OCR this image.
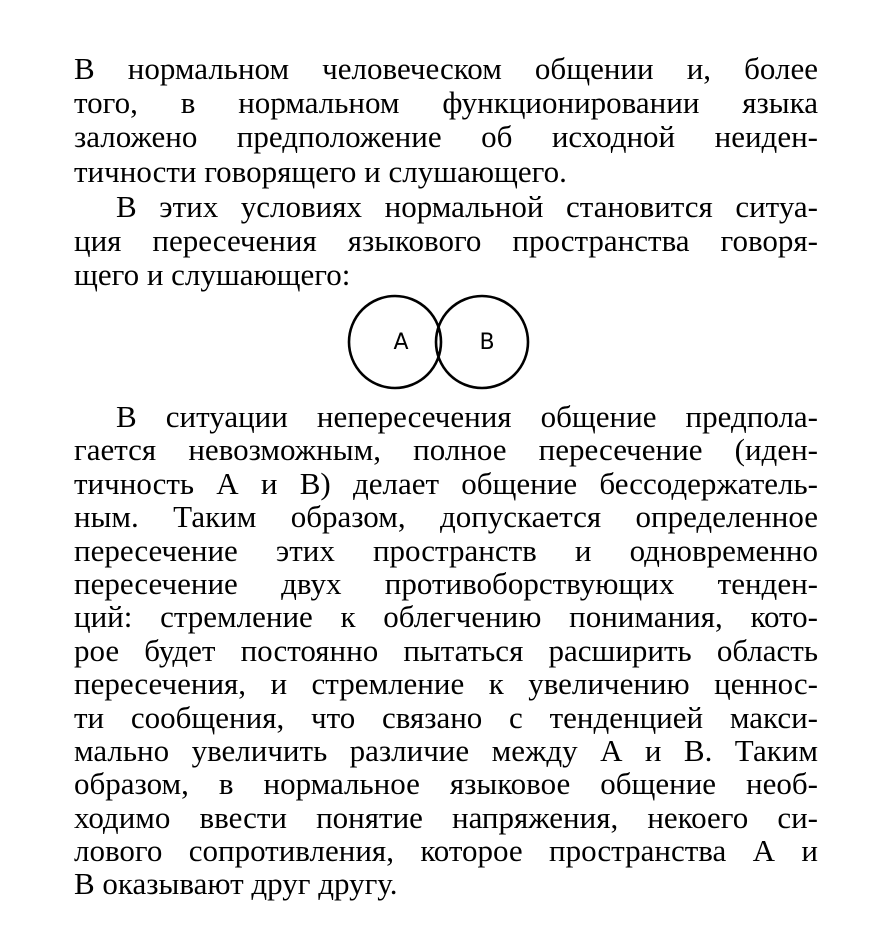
В нормальном человеческом общении и, более
того, в нормальном функционировании языка
заложено предположение об исходной неиден-
тичности говорящего и слушающего.
В этих условиях нормальной становится ситуа-
ция пересечения языкового пространства говоря-
щего и слушающего:
А	В
В ситуации непересечения общение предпола-
гается невозможным, полное пересечение (иден-
тичность А и В) делает общение бессодержатель-
ным. Таким образом, допускается определенное
пересечение этих пространств и одновременно
пересечение двух противоборствующих тенден-
ций: стремление к облегчению понимания, кото-
рое будет постоянно пытаться расширить область
пересечения, и стремление к увеличению ценнос-
ти сообщения, что связано с тенденцией макси-
мально увеличить различие между А и В. Таким
образом, в нормальное языковое общение необ-
ходимо ввести понятие напряжения, некоего си-
лового сопротивления, которое пространства А и
В оказывают друг другу.
